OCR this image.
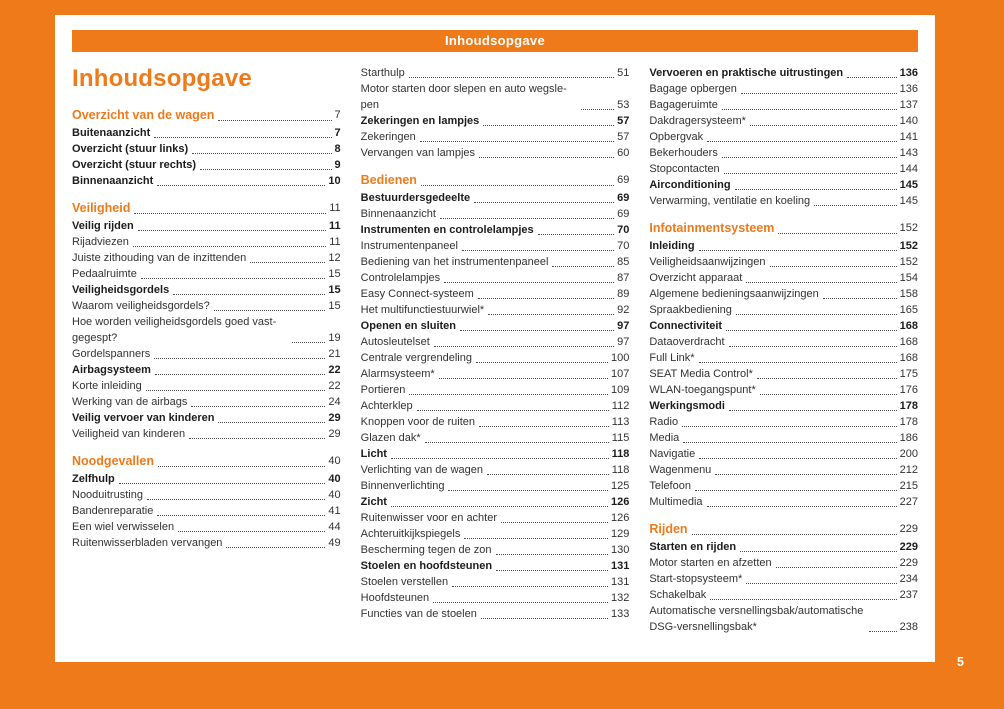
Inhoudsopgave
Inhoudsopgave
Overzicht van de wagen	7
Buitenaanzicht	7
Overzicht (stuur links)	8
Overzicht (stuur rechts)	9
Binnenaanzicht	10
Veiligheid	11
Veilig rijden	11
Rijadviezen	11
Juiste zithouding van de inzittenden	12
Pedaalruimte	15
Veiligheidsgordels	15
Waarom veiligheidsgordels?	15
Hoe worden veiligheidsgordels goed vastgegespt?	19
Gordelspanners	21
Airbagsysteem	22
Korte inleiding	22
Werking van de airbags	24
Veilig vervoer van kinderen	29
Veiligheid van kinderen	29
Noodgevallen	40
Zelfhulp	40
Nooduitrusting	40
Bandenreparatie	41
Een wiel verwisselen	44
Ruitenwisserbladen vervangen	49
Starthulp	51
Motor starten door slepen en auto wegslepen	53
Zekeringen en lampjes	57
Zekeringen	57
Vervangen van lampjes	60
Bedienen	69
Bestuurdersgedeelte	69
Binnenaanzicht	69
Instrumenten en controlelampjes	70
Instrumentenpaneel	70
Bediening van het instrumentenpaneel	85
Controlelampjes	87
Easy Connect-systeem	89
Het multifunctiestuurwiel*	92
Openen en sluiten	97
Autosleutelset	97
Centrale vergrendeling	100
Alarmsysteem*	107
Portieren	109
Achterklep	112
Knoppen voor de ruiten	113
Glazen dak*	115
Licht	118
Verlichting van de wagen	118
Binnenverlichting	125
Zicht	126
Ruitenwisser voor en achter	126
Achteruitkijkspiegels	129
Bescherming tegen de zon	130
Stoelen en hoofdsteunen	131
Stoelen verstellen	131
Hoofdsteunen	132
Functies van de stoelen	133
Vervoeren en praktische uitrustingen	136
Bagage opbergen	136
Bagageruimte	137
Dakdragersysteem*	140
Opbergvak	141
Bekerhouders	143
Stopcontacten	144
Airconditioning	145
Verwarming, ventilatie en koeling	145
Infotainmentsysteem	152
Inleiding	152
Veiligheidsaanwijzingen	152
Overzicht apparaat	154
Algemene bedieningsaanwijzingen	158
Spraakbediening	165
Connectiviteit	168
Dataoverdracht	168
Full Link*	168
SEAT Media Control*	175
WLAN-toegangspunt*	176
Werkingsmodi	178
Radio	178
Media	186
Navigatie	200
Wagenmenu	212
Telefoon	215
Multimedia	227
Rijden	229
Starten en rijden	229
Motor starten en afzetten	229
Start-stopsysteem*	234
Schakelbak	237
Automatische versnellingsbak/automatische DSG-versnellingsbak*	238
5
